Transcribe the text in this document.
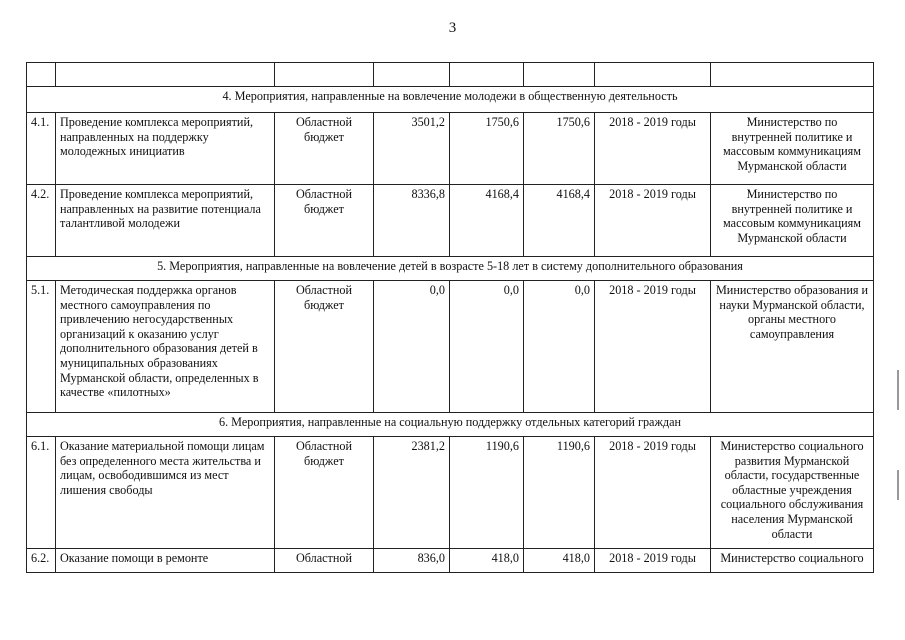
3

4. Мероприятия, направленные на вовлечение молодежи в общественную деятельность							
4.1.	Проведение комплекса мероприятий, направленных на поддержку молодежных инициатив	Областной бюджет	3501,2	1750,6	1750,6	2018 - 2019 годы	Министерство по внутренней политике и массовым коммуникациям Мурманской области
4.2.	Проведение комплекса мероприятий, направленных на развитие потенциала талантливой молодежи	Областной бюджет	8336,8	4168,4	4168,4	2018 - 2019 годы	Министерство по внутренней политике и массовым коммуникациям Мурманской области
5. Мероприятия, направленные на вовлечение детей в возрасте 5-18 лет в систему дополнительного образования							
5.1.	Методическая поддержка органов местного самоуправления по привлечению негосударственных организаций к оказанию услуг дополнительного образования детей в муниципальных образованиях Мурманской области, определенных в качестве «пилотных»	Областной бюджет	0,0	0,0	0,0	2018 - 2019 годы	Министерство образования и науки Мурманской области, органы местного самоуправления
6. Мероприятия, направленные на социальную поддержку отдельных категорий граждан							
6.1.	Оказание материальной помощи лицам без определенного места жительства и лицам, освободившимся из мест лишения свободы	Областной бюджет	2381,2	1190,6	1190,6	2018 - 2019 годы	Министерство социального развития Мурманской области, государственные областные учреждения социального обслуживания населения Мурманской области
6.2.	Оказание помощи в ремонте	Областной	836,0	418,0	418,0	2018 - 2019 годы	Министерство социального
